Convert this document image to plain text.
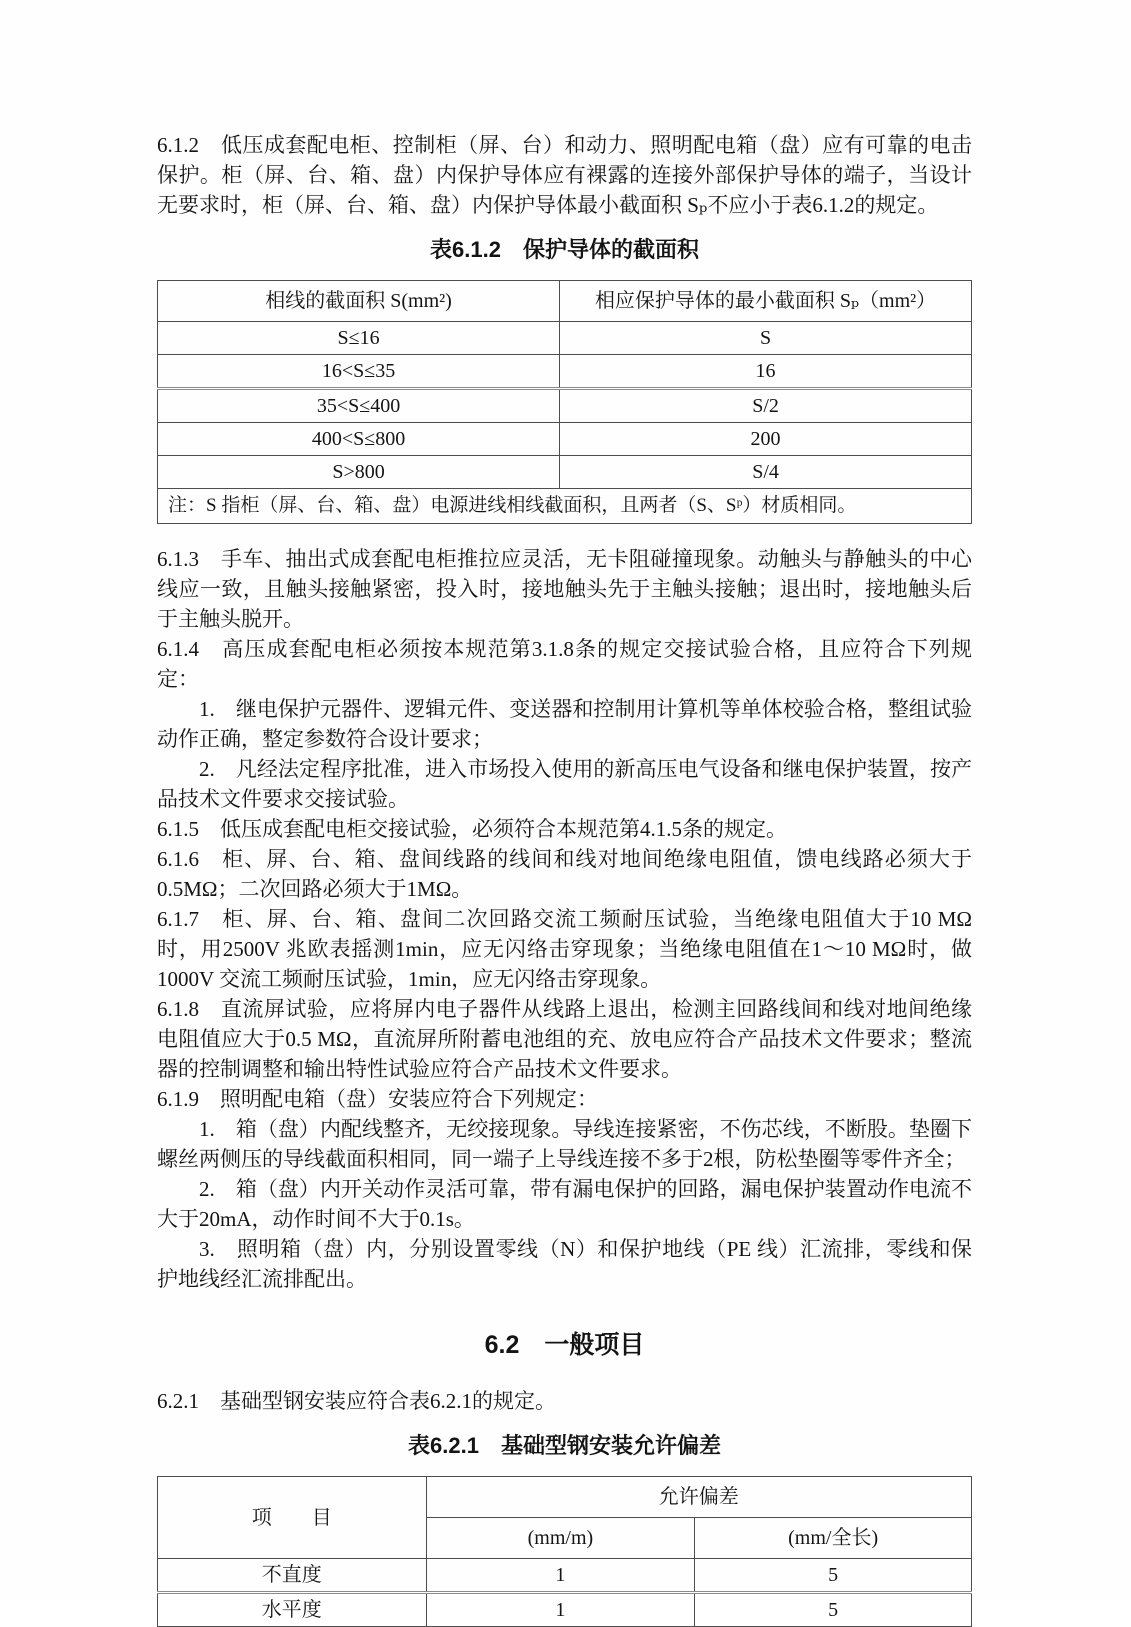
6.1.2　低压成套配电柜、控制柜（屏、台）和动力、照明配电箱（盘）应有可靠的电击保护。柜（屏、台、箱、盘）内保护导体应有裸露的连接外部保护导体的端子，当设计无要求时，柜（屏、台、箱、盘）内保护导体最小截面积 Sₚ不应小于表6.1.2的规定。

表6.1.2　保护导体的截面积
相线的截面积 S(mm²)	相应保护导体的最小截面积 Sₚ（mm²）
S≤16	S
16<S≤35	16
35<S≤400	S/2
400<S≤800	200
S>800	S/4
注：S 指柜（屏、台、箱、盘）电源进线相线截面积，且两者（S、Sᵖ）材质相同。	

6.1.3　手车、抽出式成套配电柜推拉应灵活，无卡阻碰撞现象。动触头与静触头的中心线应一致，且触头接触紧密，投入时，接地触头先于主触头接触；退出时，接地触头后于主触头脱开。

6.1.4　高压成套配电柜必须按本规范第3.1.8条的规定交接试验合格，且应符合下列规定：

1.　继电保护元器件、逻辑元件、变送器和控制用计算机等单体校验合格，整组试验动作正确，整定参数符合设计要求；

2.　凡经法定程序批准，进入市场投入使用的新高压电气设备和继电保护装置，按产品技术文件要求交接试验。

6.1.5　低压成套配电柜交接试验，必须符合本规范第4.1.5条的规定。

6.1.6　柜、屏、台、箱、盘间线路的线间和线对地间绝缘电阻值，馈电线路必须大于0.5MΩ；二次回路必须大于1MΩ。

6.1.7　柜、屏、台、箱、盘间二次回路交流工频耐压试验，当绝缘电阻值大于10 MΩ时，用2500V 兆欧表摇测1min，应无闪络击穿现象；当绝缘电阻值在1～10 MΩ时，做1000V 交流工频耐压试验，1min，应无闪络击穿现象。

6.1.8　直流屏试验，应将屏内电子器件从线路上退出，检测主回路线间和线对地间绝缘电阻值应大于0.5 MΩ，直流屏所附蓄电池组的充、放电应符合产品技术文件要求；整流器的控制调整和输出特性试验应符合产品技术文件要求。

6.1.9　照明配电箱（盘）安装应符合下列规定：

1.　箱（盘）内配线整齐，无绞接现象。导线连接紧密，不伤芯线，不断股。垫圈下螺丝两侧压的导线截面积相同，同一端子上导线连接不多于2根，防松垫圈等零件齐全；

2.　箱（盘）内开关动作灵活可靠，带有漏电保护的回路，漏电保护装置动作电流不大于20mA，动作时间不大于0.1s。

3.　照明箱（盘）内，分别设置零线（N）和保护地线（PE 线）汇流排，零线和保护地线经汇流排配出。

6.2　一般项目

6.2.1　基础型钢安装应符合表6.2.1的规定。

表6.2.1　基础型钢安装允许偏差
项　　目	允许偏差	
	(mm/m)	(mm/全长)
不直度	1	5
水平度	1	5
